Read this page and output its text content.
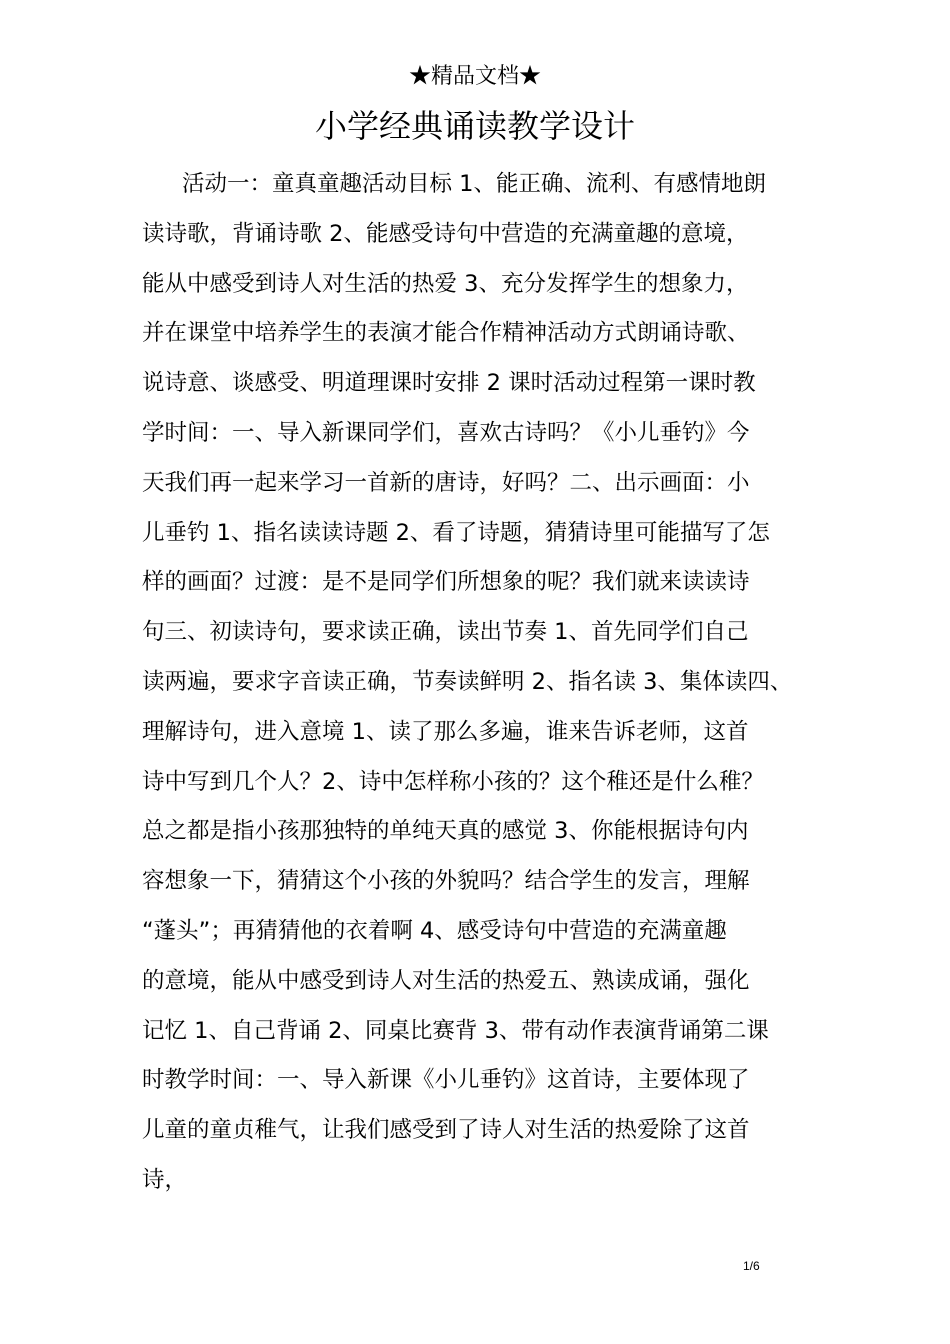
★精品文档★
小学经典诵读教学设计
活动一：童真童趣活动目标 1、能正确、流利、有感情地朗
读诗歌，背诵诗歌 2、能感受诗句中营造的充满童趣的意境，
能从中感受到诗人对生活的热爱 3、充分发挥学生的想象力，
并在课堂中培养学生的表演才能合作精神活动方式朗诵诗歌、
说诗意、谈感受、明道理课时安排 2 课时活动过程第一课时教
学时间：一、导入新课同学们，喜欢古诗吗？《小儿垂钓》今
天我们再一起来学习一首新的唐诗，好吗？二、出示画面：小
儿垂钓 1、指名读读诗题 2、看了诗题，猜猜诗里可能描写了怎
样的画面？过渡：是不是同学们所想象的呢？我们就来读读诗
句三、初读诗句，要求读正确，读出节奏 1、首先同学们自己
读两遍，要求字音读正确，节奏读鲜明 2、指名读 3、集体读四、
理解诗句，进入意境 1、读了那么多遍，谁来告诉老师，这首
诗中写到几个人？2、诗中怎样称小孩的？这个稚还是什么稚？
总之都是指小孩那独特的单纯天真的感觉 3、你能根据诗句内
容想象一下，猜猜这个小孩的外貌吗？结合学生的发言，理解
“蓬头”；再猜猜他的衣着啊 4、感受诗句中营造的充满童趣
的意境，能从中感受到诗人对生活的热爱五、熟读成诵，强化
记忆 1、自己背诵 2、同桌比赛背 3、带有动作表演背诵第二课
时教学时间：一、导入新课《小儿垂钓》这首诗，主要体现了
儿童的童贞稚气，让我们感受到了诗人对生活的热爱除了这首
诗，
1/6
